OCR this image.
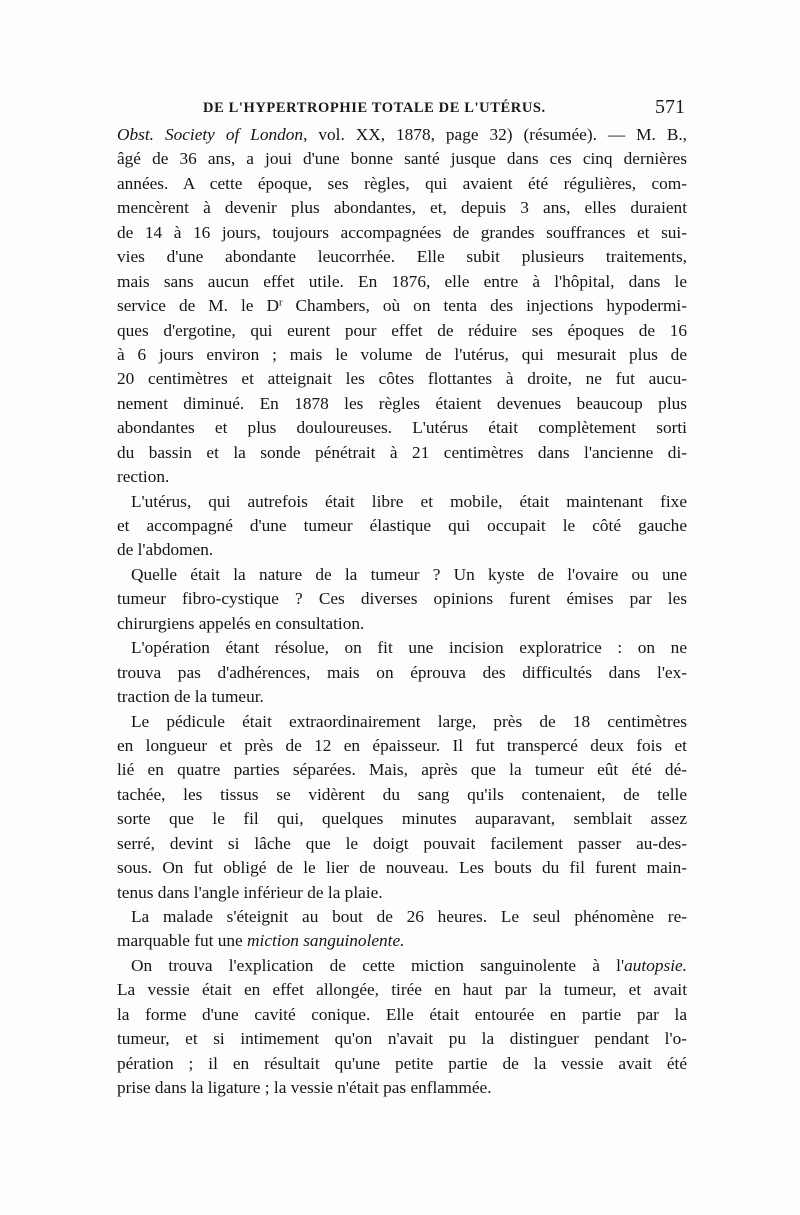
DE L'HYPERTROPHIE TOTALE DE L'UTÉRUS.	571
Obst. Society of London, vol. XX, 1878, page 32) (résumée). — M. B.,
âgé de 36 ans, a joui d'une bonne santé jusque dans ces cinq dernières
années. A cette époque, ses règles, qui avaient été régulières, com-
mencèrent à devenir plus abondantes, et, depuis 3 ans, elles duraient
de 14 à 16 jours, toujours accompagnées de grandes souffrances et sui-
vies d'une abondante leucorrhée. Elle subit plusieurs traitements,
mais sans aucun effet utile. En 1876, elle entre à l'hôpital, dans le
service de M. le $D^r$ Chambers, où on tenta des injections hypodermi-
ques d'ergotine, qui eurent pour effet de réduire ses époques de 16
à 6 jours environ ; mais le volume de l'utérus, qui mesurait plus de
20 centimètres et atteignait les côtes flottantes à droite, ne fut aucu-
nement diminué. En 1878 les règles étaient devenues beaucoup plus
abondantes et plus douloureuses. L'utérus était complètement sorti
du bassin et la sonde pénétrait à 21 centimètres dans l'ancienne di-
rection.
L'utérus, qui autrefois était libre et mobile, était maintenant fixe
et accompagné d'une tumeur élastique qui occupait le côté gauche
de l'abdomen.
Quelle était la nature de la tumeur ? Un kyste de l'ovaire ou une
tumeur fibro-cystique ? Ces diverses opinions furent émises par les
chirurgiens appelés en consultation.
L'opération étant résolue, on fit une incision exploratrice : on ne
trouva pas d'adhérences, mais on éprouva des difficultés dans l'ex-
traction de la tumeur.
Le pédicule était extraordinairement large, près de 18 centimètres
en longueur et près de 12 en épaisseur. Il fut transpercé deux fois et
lié en quatre parties séparées. Mais, après que la tumeur eût été dé-
tachée, les tissus se vidèrent du sang qu'ils contenaient, de telle
sorte que le fil qui, quelques minutes auparavant, semblait assez
serré, devint si lâche que le doigt pouvait facilement passer au-des-
sous. On fut obligé de le lier de nouveau. Les bouts du fil furent main-
tenus dans l'angle inférieur de la plaie.
La malade s'éteignit au bout de 26 heures. Le seul phénomène re-
marquable fut une miction sanguinolente.
On trouva l'explication de cette miction sanguinolente à l'autopsie.
La vessie était en effet allongée, tirée en haut par la tumeur, et avait
la forme d'une cavité conique. Elle était entourée en partie par la
tumeur, et si intimement qu'on n'avait pu la distinguer pendant l'o-
pération ; il en résultait qu'une petite partie de la vessie avait été
prise dans la ligature ; la vessie n'était pas enflammée.
